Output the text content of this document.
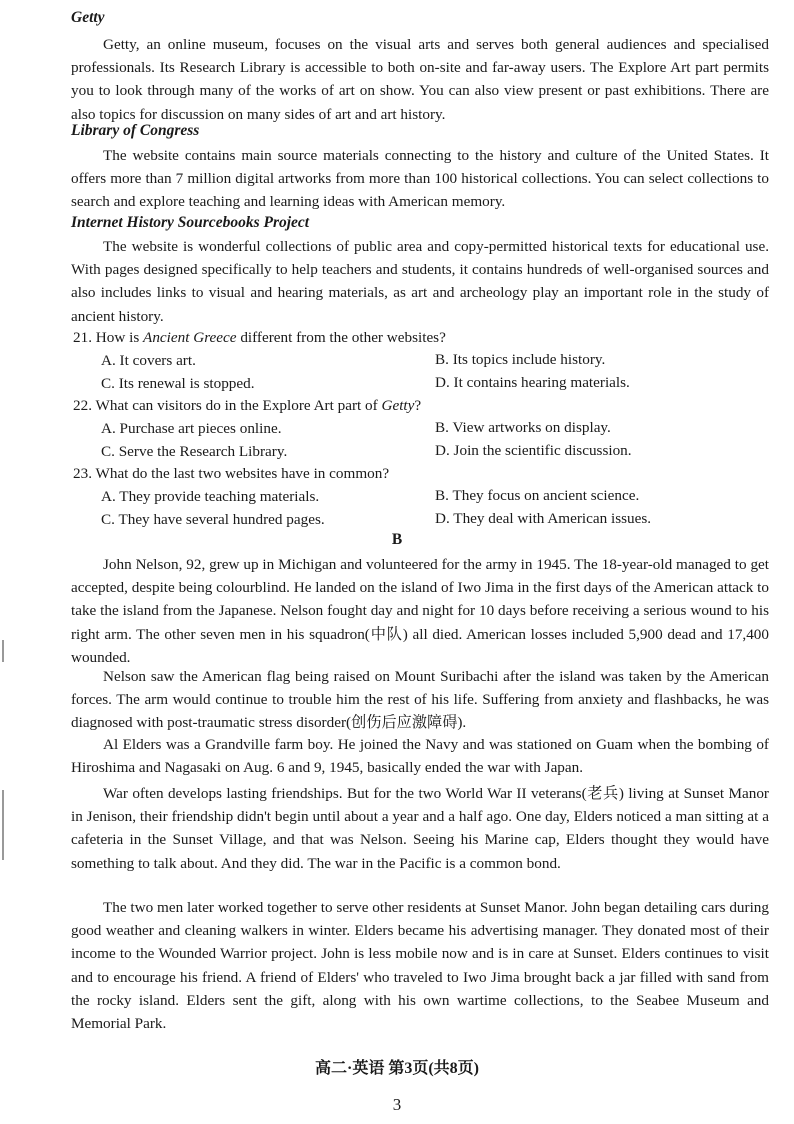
Getty

Getty, an online museum, focuses on the visual arts and serves both general audiences and specialised professionals. Its Research Library is accessible to both on-site and far-away users. The Explore Art part permits you to look through many of the works of art on show. You can also view present or past exhibitions. There are also topics for discussion on many sides of art and art history.

Library of Congress

The website contains main source materials connecting to the history and culture of the United States. It offers more than 7 million digital artworks from more than 100 historical collections. You can select collections to search and explore teaching and learning ideas with American memory.

Internet History Sourcebooks Project

The website is wonderful collections of public area and copy-permitted historical texts for educational use. With pages designed specifically to help teachers and students, it contains hundreds of well-organised sources and also includes links to visual and hearing materials, as art and archeology play an important role in the study of ancient history.

21. How is Ancient Greece different from the other websites?
A. It covers art.	B. Its topics include history.
C. Its renewal is stopped.	D. It contains hearing materials.
22. What can visitors do in the Explore Art part of Getty?
A. Purchase art pieces online.	B. View artworks on display.
C. Serve the Research Library.	D. Join the scientific discussion.
23. What do the last two websites have in common?
A. They provide teaching materials.	B. They focus on ancient science.
C. They have several hundred pages.	D. They deal with American issues.
B

John Nelson, 92, grew up in Michigan and volunteered for the army in 1945. The 18-year-old managed to get accepted, despite being colourblind. He landed on the island of Iwo Jima in the first days of the American attack to take the island from the Japanese. Nelson fought day and night for 10 days before receiving a serious wound to his right arm. The other seven men in his squadron(中队) all died. American losses included 5,900 dead and 17,400 wounded.

Nelson saw the American flag being raised on Mount Suribachi after the island was taken by the American forces. The arm would continue to trouble him the rest of his life. Suffering from anxiety and flashbacks, he was diagnosed with post-traumatic stress disorder(创伤后应激障碍).

Al Elders was a Grandville farm boy. He joined the Navy and was stationed on Guam when the bombing of Hiroshima and Nagasaki on Aug. 6 and 9, 1945, basically ended the war with Japan.

War often develops lasting friendships. But for the two World War II veterans(老兵) living at Sunset Manor in Jenison, their friendship didn't begin until about a year and a half ago. One day, Elders noticed a man sitting at a cafeteria in the Sunset Village, and that was Nelson. Seeing his Marine cap, Elders thought they would have something to talk about. And they did. The war in the Pacific is a common bond.

The two men later worked together to serve other residents at Sunset Manor. John began detailing cars during good weather and cleaning walkers in winter. Elders became his advertising manager. They donated most of their income to the Wounded Warrior project. John is less mobile now and is in care at Sunset. Elders continues to visit and to encourage his friend. A friend of Elders' who traveled to Iwo Jima brought back a jar filled with sand from the rocky island. Elders sent the gift, along with his own wartime collections, to the Seabee Museum and Memorial Park.

高二·英语 第3页(共8页)
3
